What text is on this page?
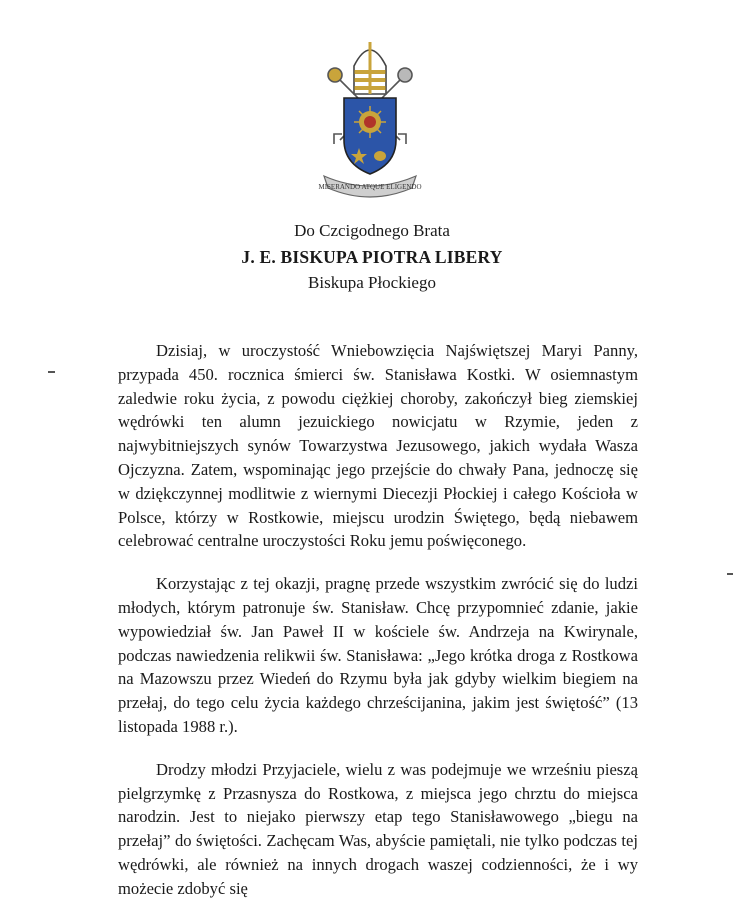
MISERANDO ATQUE ELIGENDO
Do Czcigodnego Brata
J. E. BISKUPA PIOTRA LIBERY
Biskupa Płockiego

Dzisiaj, w uroczystość Wniebowzięcia Najświętszej Maryi Panny, przypada 450. rocznica śmierci św. Stanisława Kostki. W osiemnastym zaledwie roku życia, z powodu ciężkiej choroby, zakończył bieg ziemskiej wędrówki ten alumn jezuickiego nowicjatu w Rzymie, jeden z najwybitniejszych synów Towarzystwa Jezusowego, jakich wydała Wasza Ojczyzna. Zatem, wspominając jego przejście do chwały Pana, jednoczę się w dziękczynnej modlitwie z wiernymi Diecezji Płockiej i całego Kościoła w Polsce, którzy w Rostkowie, miejscu urodzin Świętego, będą niebawem celebrować centralne uroczystości Roku jemu poświęconego.

Korzystając z tej okazji, pragnę przede wszystkim zwrócić się do ludzi młodych, którym patronuje św. Stanisław. Chcę przypomnieć zdanie, jakie wypowiedział św. Jan Paweł II w kościele św. Andrzeja na Kwirynale, podczas nawiedzenia relikwii św. Stanisława: „Jego krótka droga z Rostkowa na Mazowszu przez Wiedeń do Rzymu była jak gdyby wielkim biegiem na przełaj, do tego celu życia każdego chrześcijanina, jakim jest świętość” (13 listopada 1988 r.).

Drodzy młodzi Przyjaciele, wielu z was podejmuje we wrześniu pieszą pielgrzymkę z Przasnysza do Rostkowa, z miejsca jego chrztu do miejsca narodzin. Jest to niejako pierwszy etap tego Stanisławowego „biegu na przełaj” do świętości. Zachęcam Was, abyście pamiętali, nie tylko podczas tej wędrówki, ale również na innych drogach waszej codzienności, że i wy możecie zdobyć się
